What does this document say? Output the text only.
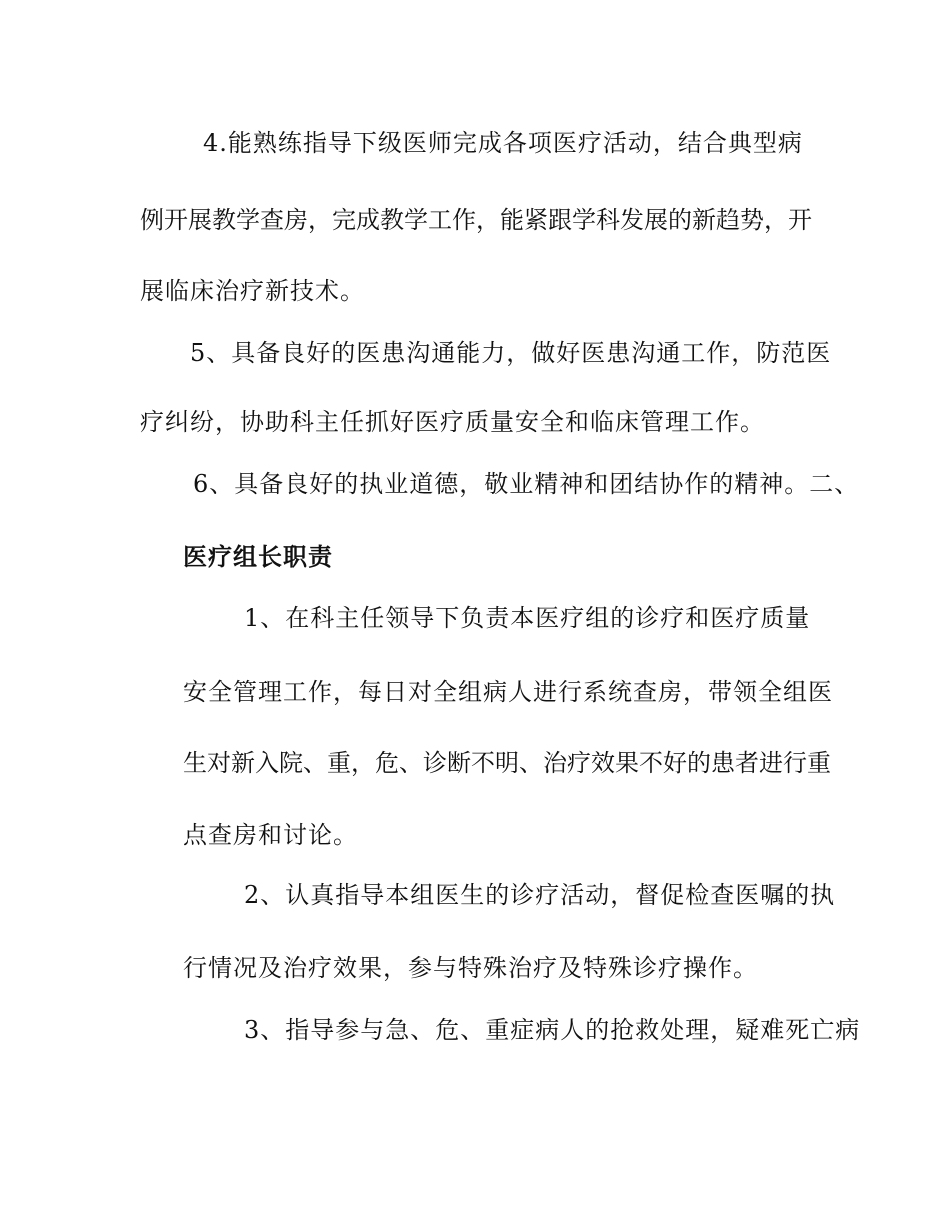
4.能熟练指导下级医师完成各项医疗活动，结合典型病
例开展教学查房，完成教学工作，能紧跟学科发展的新趋势，开
展临床治疗新技术。
5、具备良好的医患沟通能力，做好医患沟通工作，防范医
疗纠纷，协助科主任抓好医疗质量安全和临床管理工作。
6、具备良好的执业道德，敬业精神和团结协作的精神。二、
医疗组长职责
1、在科主任领导下负责本医疗组的诊疗和医疗质量
安全管理工作，每日对全组病人进行系统查房，带领全组医
生对新入院、重，危、诊断不明、治疗效果不好的患者进行重
点查房和讨论。
2、认真指导本组医生的诊疗活动，督促检查医嘱的执
行情况及治疗效果，参与特殊治疗及特殊诊疗操作。
3、指导参与急、危、重症病人的抢救处理，疑难死亡病
